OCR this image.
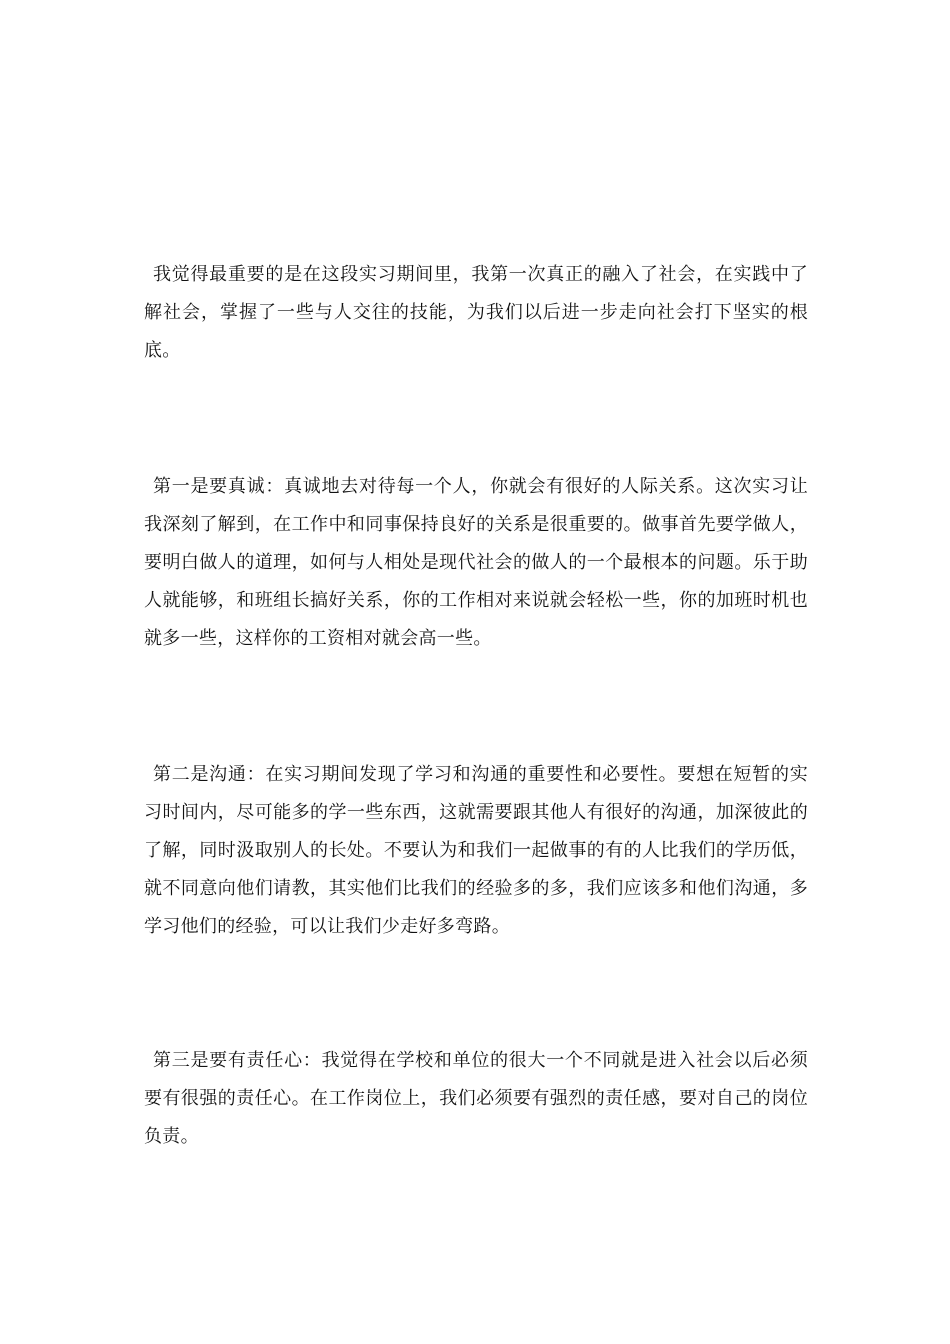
我觉得最重要的是在这段实习期间里，我第一次真正的融入了社会，在实践中了解社会，掌握了一些与人交往的技能，为我们以后进一步走向社会打下坚实的根底。

第一是要真诚：真诚地去对待每一个人，你就会有很好的人际关系。这次实习让我深刻了解到，在工作中和同事保持良好的关系是很重要的。做事首先要学做人，要明白做人的道理，如何与人相处是现代社会的做人的一个最根本的问题。乐于助人就能够，和班组长搞好关系，你的工作相对来说就会轻松一些，你的加班时机也就多一些，这样你的工资相对就会高一些。

第二是沟通：在实习期间发现了学习和沟通的重要性和必要性。要想在短暂的实习时间内，尽可能多的学一些东西，这就需要跟其他人有很好的沟通，加深彼此的了解，同时汲取别人的长处。不要认为和我们一起做事的有的人比我们的学历低，就不同意向他们请教，其实他们比我们的经验多的多，我们应该多和他们沟通，多学习他们的经验，可以让我们少走好多弯路。

第三是要有责任心：我觉得在学校和单位的很大一个不同就是进入社会以后必须要有很强的责任心。在工作岗位上，我们必须要有强烈的责任感，要对自己的岗位负责。
